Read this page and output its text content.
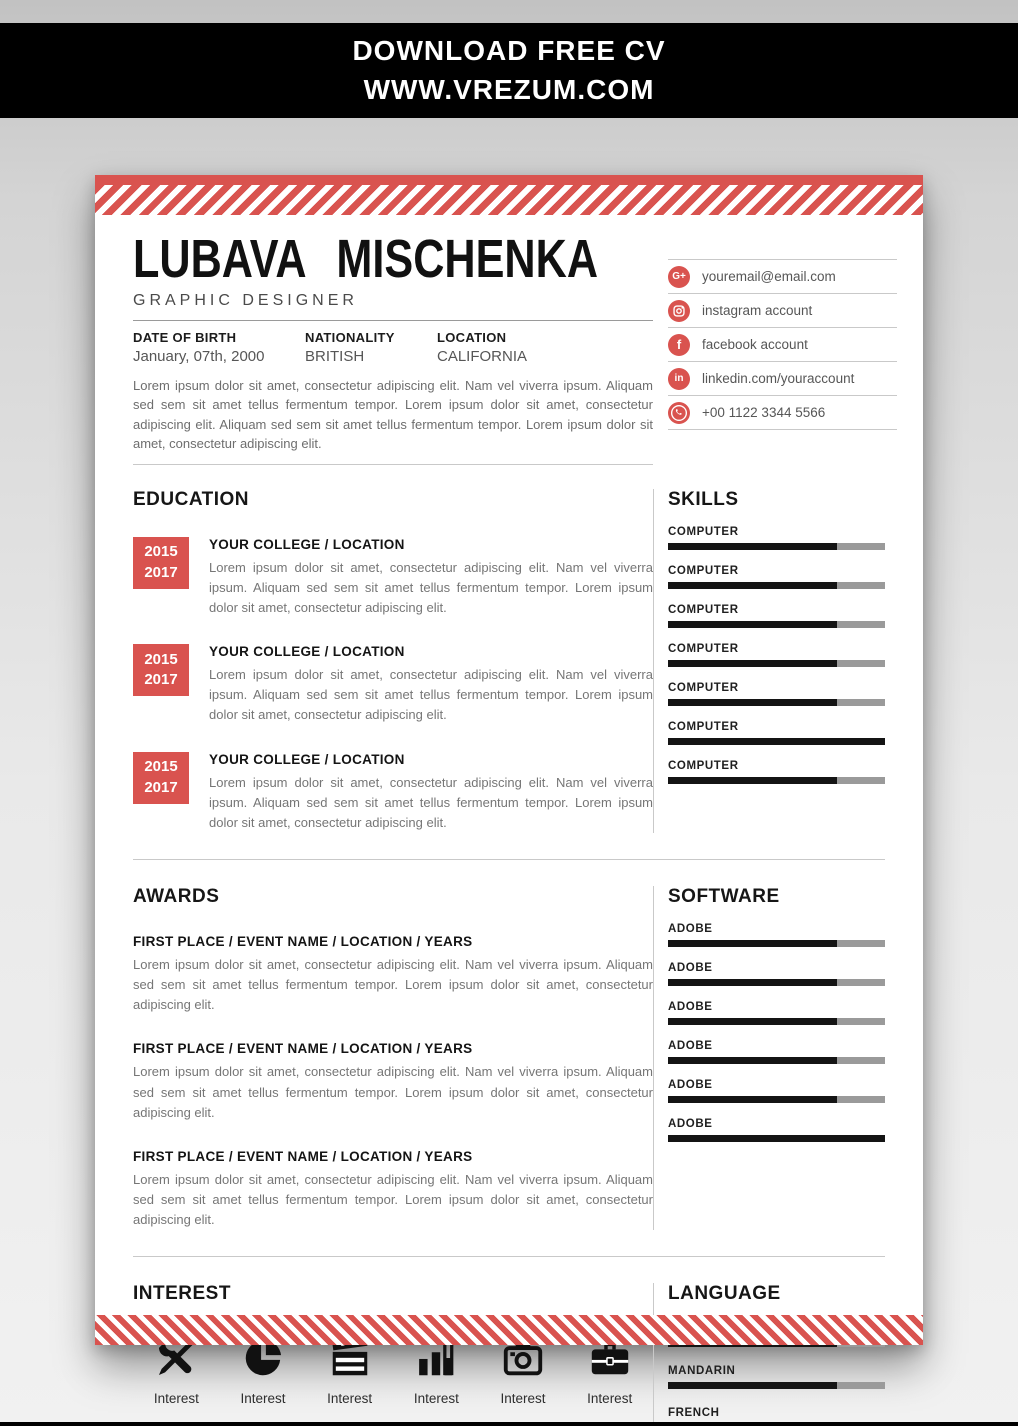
DOWNLOAD FREE CV
WWW.VREZUM.COM
LUBAVA MISCHENKA
GRAPHIC DESIGNER
DATE OF BIRTH
January, 07th, 2000
NATIONALITY
BRITISH
LOCATION
CALIFORNIA

Lorem ipsum dolor sit amet, consectetur adipiscing elit. Nam vel viverra ipsum. Aliquam sed sem sit amet tellus fermentum tempor. Lorem ipsum dolor sit amet, consectetur adipiscing elit. Aliquam sed sem sit amet tellus fermentum tempor. Lorem ipsum dolor sit amet, consectetur adipiscing elit.

G+	youremail@email.com
instagram account
f	facebook account
in	linkedin.com/youraccount
+00 1122 3344 5566
EDUCATION
2015
2017
YOUR COLLEGE / LOCATION

Lorem ipsum dolor sit amet, consectetur adipiscing elit. Nam vel viverra ipsum. Aliquam sed sem sit amet tellus fermentum tempor. Lorem ipsum dolor sit amet, consectetur adipiscing elit.

2015
2017
YOUR COLLEGE / LOCATION

Lorem ipsum dolor sit amet, consectetur adipiscing elit. Nam vel viverra ipsum. Aliquam sed sem sit amet tellus fermentum tempor. Lorem ipsum dolor sit amet, consectetur adipiscing elit.

2015
2017
YOUR COLLEGE / LOCATION

Lorem ipsum dolor sit amet, consectetur adipiscing elit. Nam vel viverra ipsum. Aliquam sed sem sit amet tellus fermentum tempor. Lorem ipsum dolor sit amet, consectetur adipiscing elit.

SKILLS
COMPUTER
COMPUTER
COMPUTER
COMPUTER
COMPUTER
COMPUTER
COMPUTER
AWARDS
FIRST PLACE / EVENT NAME / LOCATION / YEARS

Lorem ipsum dolor sit amet, consectetur adipiscing elit. Nam vel viverra ipsum. Aliquam sed sem sit amet tellus fermentum tempor. Lorem ipsum dolor sit amet, consectetur adipiscing elit.

FIRST PLACE / EVENT NAME / LOCATION / YEARS

Lorem ipsum dolor sit amet, consectetur adipiscing elit. Nam vel viverra ipsum. Aliquam sed sem sit amet tellus fermentum tempor. Lorem ipsum dolor sit amet, consectetur adipiscing elit.

FIRST PLACE / EVENT NAME / LOCATION / YEARS

Lorem ipsum dolor sit amet, consectetur adipiscing elit. Nam vel viverra ipsum. Aliquam sed sem sit amet tellus fermentum tempor. Lorem ipsum dolor sit amet, consectetur adipiscing elit.

SOFTWARE
ADOBE
ADOBE
ADOBE
ADOBE
ADOBE
ADOBE
INTEREST
Interest	Interest	Interest	Interest	Interest	Interest
LANGUAGE
MANDARIN
FRENCH
